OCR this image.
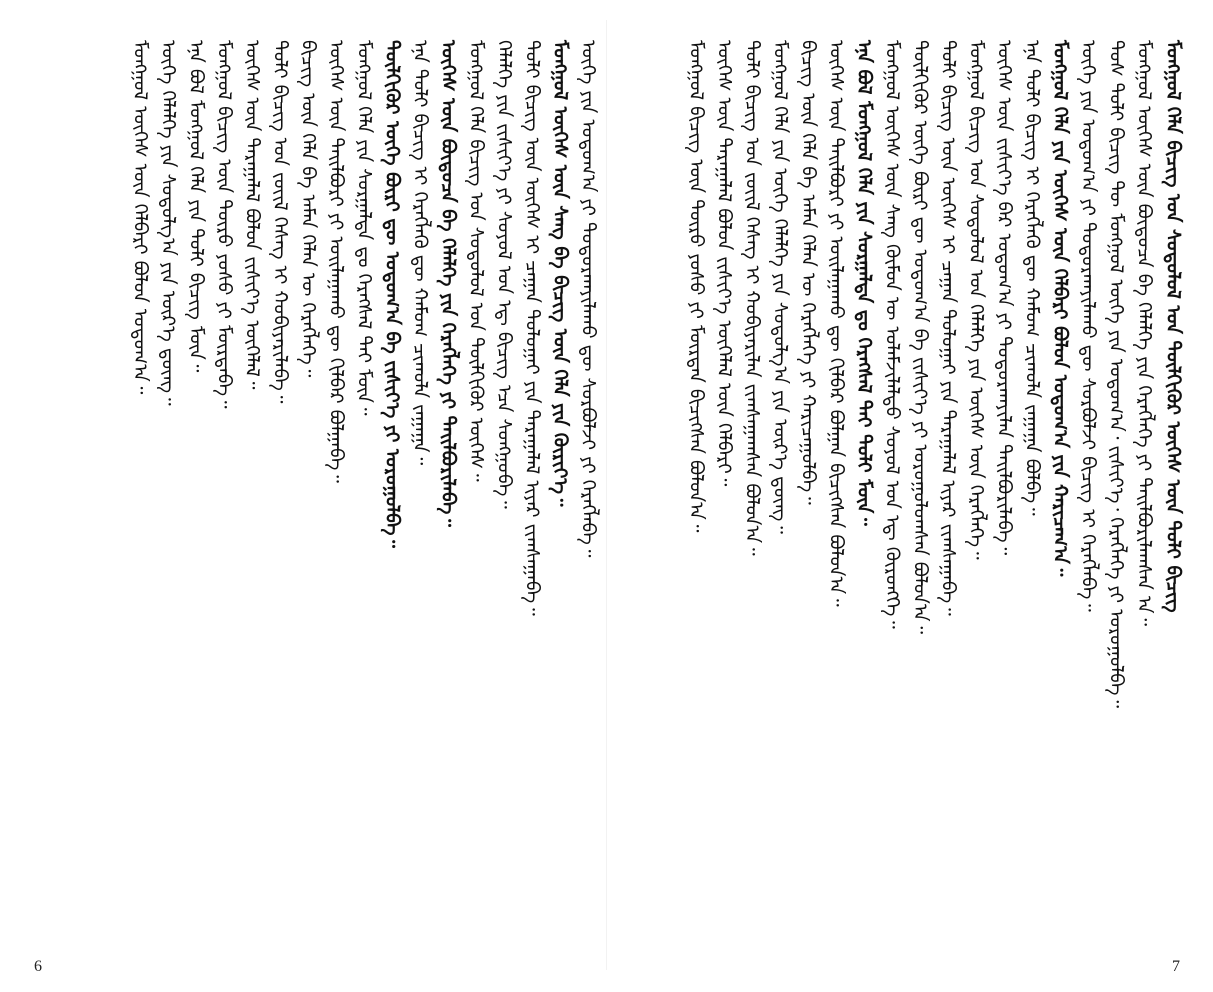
ᠮᠣᠩᠭᠣᠯ ᠬᠡᠯᠡ ᠪᠢᠴᠢᠭ ᠤᠨ ᠰᠤᠳᠤᠯᠤᠯ ᠤᠨ ᠲᠦᠯᠬᠢᠭᠦᠷ ᠦᠭᠡᠰ ᠦᠨ ᠲᠣᠯᠢ ᠪᠢᠴᠢᠭ
ᠮᠣᠩᠭᠣᠯ ᠦᠭᠡᠰ ᠦᠨ ᠪᠦᠲᠦᠴᠡ ᠪᠠ ᠬᠡᠯᠡᠯᠭᠡ ᠶᠢᠨ ᠬᠡᠷᠡᠭᠯᠡᠭᠡ ᠶᠢ ᠲᠠᠢᠯᠪᠤᠷᠢᠯᠠᠭᠰᠠᠨ ᠠ᠃
ᠲᠤᠰ ᠲᠣᠯᠢ ᠪᠢᠴᠢᠭ ᠲᠦ ᠮᠣᠩᠭᠣᠯ ᠦᠭᠡ ᠶᠢᠨ ᠤᠲᠤᠭ᠎ᠠ᠂ ᠵᠢᠱᠢᠶ᠎ᠡ᠂ ᠬᠡᠷᠡᠭᠯᠡᠭᠡ ᠶᠢ ᠣᠷᠣᠭᠤᠯᠪᠠ᠃
ᠦᠭᠡ ᠶᠢᠨ ᠤᠲᠤᠭ᠎ᠠ ᠶᠢ ᠲᠣᠳᠣᠷᠬᠠᠶᠢᠯᠠᠬᠤ ᠳᠦ ᠰᠤᠷᠪᠤᠯᠵᠢ ᠪᠢᠴᠢᠭ ᠢ ᠬᠡᠷᠡᠭᠯᠡᠪᠡ᠃
ᠮᠣᠩᠭᠣᠯ ᠬᠡᠯᠡ ᠶᠢᠨ ᠦᠭᠡᠰ ᠦᠨ ᠬᠡᠯᠪᠡᠷᠢ ᠪᠣᠯᠤᠨ ᠤᠲᠤᠭ᠎ᠠ ᠶᠢᠨ ᠬᠠᠷᠢᠴᠠᠭ᠎ᠠ᠃
ᠡᠨᠡ ᠲᠣᠯᠢ ᠪᠢᠴᠢᠭ ᠢ ᠬᠡᠷᠡᠭᠯᠡᠬᠦ ᠳᠦ ᠬᠠᠮᠤᠭ ᠴᠢᠬᠤᠯᠠ ᠵᠠᠭᠠᠭᠠ ᠪᠣᠯᠪᠠ᠃
ᠦᠭᠡᠰ ᠦᠨ ᠵᠢᠱᠢᠶ᠎ᠡ ᠪᠡᠷ ᠤᠲᠤᠭ᠎ᠠ ᠶᠢ ᠲᠣᠳᠣᠷᠬᠠᠶᠢᠯᠠᠨ ᠲᠠᠢᠯᠪᠤᠷᠢᠯᠠᠪᠠ᠃
ᠮᠣᠩᠭᠣᠯ ᠪᠢᠴᠢᠭ ᠤᠨ ᠰᠤᠳᠤᠯᠤᠯ ᠤᠨ ᠬᠡᠯᠡᠯᠭᠡ ᠶᠢᠨ ᠦᠭᠡᠰ ᠦᠨ ᠬᠡᠷᠡᠭᠯᠡᠭᠡ᠃
ᠲᠣᠯᠢ ᠪᠢᠴᠢᠭ ᠦᠨ ᠦᠭᠡᠰ ᠢ ᠴᠠᠭᠠᠨ ᠲᠣᠯᠤᠭᠠᠢ ᠶᠢᠨ ᠳᠠᠷᠠᠭᠠᠯᠠᠯ ᠢᠶᠠᠷ ᠵᠢᠭᠰᠠᠭᠠᠪᠠ᠃
ᠲᠦᠯᠬᠢᠭᠦᠷ ᠦᠭᠡ ᠪᠦᠷᠢ ᠳᠦ ᠤᠲᠤᠭ᠎ᠠ ᠪᠠ ᠵᠢᠱᠢᠶ᠎ᠡ ᠶᠢ ᠣᠷᠣᠭᠤᠯᠤᠭᠰᠠᠨ ᠪᠣᠯᠤᠨ᠎ᠠ᠃
ᠮᠣᠩᠭᠣᠯ ᠦᠭᠡᠰ ᠦᠨ ᠰᠠᠩ ᠬᠦᠮᠦᠨ ᠦ ᠤᠯᠠᠮᠵᠢᠯᠠᠯᠲᠤ ᠰᠣᠶᠣᠯ ᠤᠨ ᠡᠳ᠋ ᠬᠥᠷᠥᠩᠭᠡ᠃
ᠡᠨᠡ ᠪᠣᠯ ᠮᠣᠩᠭᠣᠯ ᠬᠡᠯᠡ ᠶᠢᠨ ᠰᠤᠷᠭᠠᠯᠲᠠ ᠳᠤ ᠬᠡᠷᠡᠭᠰᠡᠯ ᠲᠠᠢ ᠲᠣᠯᠢ ᠮᠥᠨ᠃
ᠦᠭᠡᠰ ᠦᠨ ᠲᠠᠢᠯᠪᠤᠷᠢ ᠶᠢ ᠣᠢᠯᠠᠭᠠᠬᠤ ᠳᠦ ᠬᠢᠯᠪᠠᠷ ᠪᠣᠯᠭᠠᠨ ᠪᠢᠴᠢᠭᠰᠡᠨ ᠪᠣᠯᠤᠨ᠎ᠠ᠃
ᠪᠢᠴᠢᠭ ᠦᠨ ᠬᠡᠯᠡ ᠪᠠ ᠠᠮᠠᠨ ᠬᠡᠯᠡᠨ ᠦ ᠬᠡᠷᠡᠭᠯᠡᠭᠡ ᠶᠢ ᠬᠠᠷᠢᠴᠠᠭᠤᠯᠪᠠ᠃
ᠮᠣᠩᠭᠣᠯ ᠬᠡᠯᠡ ᠶᠢᠨ ᠦᠭᠡ ᠬᠡᠯᠡᠯᠭᠡ ᠶᠢᠨ ᠰᠤᠳᠤᠯᠭ᠎ᠠ ᠶᠢᠨ ᠦᠷ᠎ᠡ ᠳ᠋ᠦᠩ᠃
ᠲᠣᠯᠢ ᠪᠢᠴᠢᠭ ᠤᠨ ᠵᠦᠢᠯ ᠬᠡᠰᠡᠭ ᠢ ᠬᠤᠪᠢᠶᠠᠷᠢᠯᠠᠨ ᠵᠢᠭᠰᠠᠭᠠᠭᠰᠠᠨ ᠪᠣᠯᠤᠨ᠎ᠠ᠃
ᠦᠭᠡᠰ ᠦᠨ ᠳᠠᠷᠠᠭᠠᠯᠠᠯ ᠪᠣᠯᠤᠨ ᠵᠢᠱᠢᠶ᠎ᠡ ᠦᠭᠡᠯᠡᠯ ᠦᠨ ᠬᠡᠯᠪᠡᠷᠢ᠃
ᠮᠣᠩᠭᠣᠯ ᠪᠢᠴᠢᠭ ᠦᠨ ᠲᠥᠷᠦ ᠶᠣᠰᠣ ᠶᠢ ᠮᠥᠷᠳᠡᠨ ᠪᠢᠴᠢᠭᠰᠡᠨ ᠪᠣᠯᠤᠨ᠎ᠠ᠃
ᠦᠭᠡ ᠶᠢᠨ ᠤᠲᠤᠭ᠎ᠠ ᠶᠢ ᠲᠣᠳᠣᠷᠬᠠᠶᠢᠯᠠᠬᠤ ᠳᠦ ᠰᠤᠷᠪᠤᠯᠵᠢ ᠶᠢ ᠬᠡᠷᠡᠭᠯᠡᠪᠡ᠃
ᠮᠣᠩᠭᠣᠯ ᠦᠭᠡᠰ ᠦᠨ ᠰᠠᠩ ᠪᠠ ᠪᠢᠴᠢᠭ ᠦᠨ ᠬᠡᠯᠡ ᠶᠢᠨ ᠬᠦᠷᠢᠶ᠎ᠡ᠃
ᠲᠣᠯᠢ ᠪᠢᠴᠢᠭ ᠦᠨ ᠦᠭᠡᠰ ᠢ ᠴᠠᠭᠠᠨ ᠲᠣᠯᠤᠭᠠᠢ ᠶᠢᠨ ᠳᠠᠷᠠᠭᠠᠯᠠᠯ ᠢᠶᠠᠷ ᠵᠢᠭᠰᠠᠭᠠᠪᠠ᠃
ᠬᠡᠯᠡᠯᠭᠡ ᠶᠢᠨ ᠵᠢᠱᠢᠶ᠎ᠡ ᠶᠢ ᠰᠤᠶᠤᠯ ᠤᠨ ᠡᠳ᠋ ᠪᠢᠴᠢᠭ ᠡᠴᠡ ᠰᠣᠩᠭᠣᠪᠠ᠃
ᠮᠣᠩᠭᠣᠯ ᠬᠡᠯᠡ ᠪᠢᠴᠢᠭ ᠤᠨ ᠰᠤᠳᠤᠯᠤᠯ ᠤᠨ ᠲᠦᠯᠬᠢᠭᠦᠷ ᠦᠭᠡᠰ᠃
ᠦᠭᠡᠰ ᠦᠨ ᠪᠦᠲᠦᠴᠡ ᠪᠠ ᠬᠡᠯᠡᠯᠭᠡ ᠶᠢᠨ ᠬᠡᠷᠡᠭᠯᠡᠭᠡ ᠶᠢ ᠲᠠᠢᠯᠪᠤᠷᠢᠯᠠᠪᠠ᠃
ᠡᠨᠡ ᠲᠣᠯᠢ ᠪᠢᠴᠢᠭ ᠢ ᠬᠡᠷᠡᠭᠯᠡᠬᠦ ᠳᠦ ᠬᠠᠮᠤᠭ ᠴᠢᠬᠤᠯᠠ ᠵᠠᠭᠠᠭᠠ᠃
ᠲᠦᠯᠬᠢᠭᠦᠷ ᠦᠭᠡ ᠪᠦᠷᠢ ᠳᠦ ᠤᠲᠤᠭ᠎ᠠ ᠪᠠ ᠵᠢᠱᠢᠶ᠎ᠡ ᠶᠢ ᠣᠷᠣᠭᠤᠯᠪᠠ᠃
ᠮᠣᠩᠭᠣᠯ ᠬᠡᠯᠡ ᠶᠢᠨ ᠰᠤᠷᠭᠠᠯᠲᠠ ᠳᠤ ᠬᠡᠷᠡᠭᠰᠡᠯ ᠲᠠᠢ ᠮᠥᠨ᠃
ᠦᠭᠡᠰ ᠦᠨ ᠲᠠᠢᠯᠪᠤᠷᠢ ᠶᠢ ᠣᠢᠯᠠᠭᠠᠬᠤ ᠳᠦ ᠬᠢᠯᠪᠠᠷ ᠪᠣᠯᠭᠠᠪᠠ᠃
ᠪᠢᠴᠢᠭ ᠦᠨ ᠬᠡᠯᠡ ᠪᠠ ᠠᠮᠠᠨ ᠬᠡᠯᠡᠨ ᠦ ᠬᠡᠷᠡᠭᠯᠡᠭᠡ᠃
ᠲᠣᠯᠢ ᠪᠢᠴᠢᠭ ᠤᠨ ᠵᠦᠢᠯ ᠬᠡᠰᠡᠭ ᠢ ᠬᠤᠪᠢᠶᠠᠷᠢᠯᠠᠪᠠ᠃
ᠦᠭᠡᠰ ᠦᠨ ᠳᠠᠷᠠᠭᠠᠯᠠᠯ ᠪᠣᠯᠤᠨ ᠵᠢᠱᠢᠶ᠎ᠡ ᠦᠭᠡᠯᠡᠯ᠃
ᠮᠣᠩᠭᠣᠯ ᠪᠢᠴᠢᠭ ᠦᠨ ᠲᠥᠷᠦ ᠶᠣᠰᠣ ᠶᠢ ᠮᠥᠷᠳᠡᠪᠡ᠃
ᠡᠨᠡ ᠪᠣᠯ ᠮᠣᠩᠭᠣᠯ ᠬᠡᠯᠡ ᠶᠢᠨ ᠲᠣᠯᠢ ᠪᠢᠴᠢᠭ ᠮᠥᠨ᠃
ᠦᠭᠡ ᠬᠡᠯᠡᠯᠭᠡ ᠶᠢᠨ ᠰᠤᠳᠤᠯᠭ᠎ᠠ ᠶᠢᠨ ᠦᠷ᠎ᠡ ᠳ᠋ᠦᠩ᠃
ᠮᠣᠩᠭᠣᠯ ᠦᠭᠡᠰ ᠦᠨ ᠬᠡᠯᠪᠡᠷᠢ ᠪᠣᠯᠤᠨ ᠤᠲᠤᠭ᠎ᠠ᠃
6	7
